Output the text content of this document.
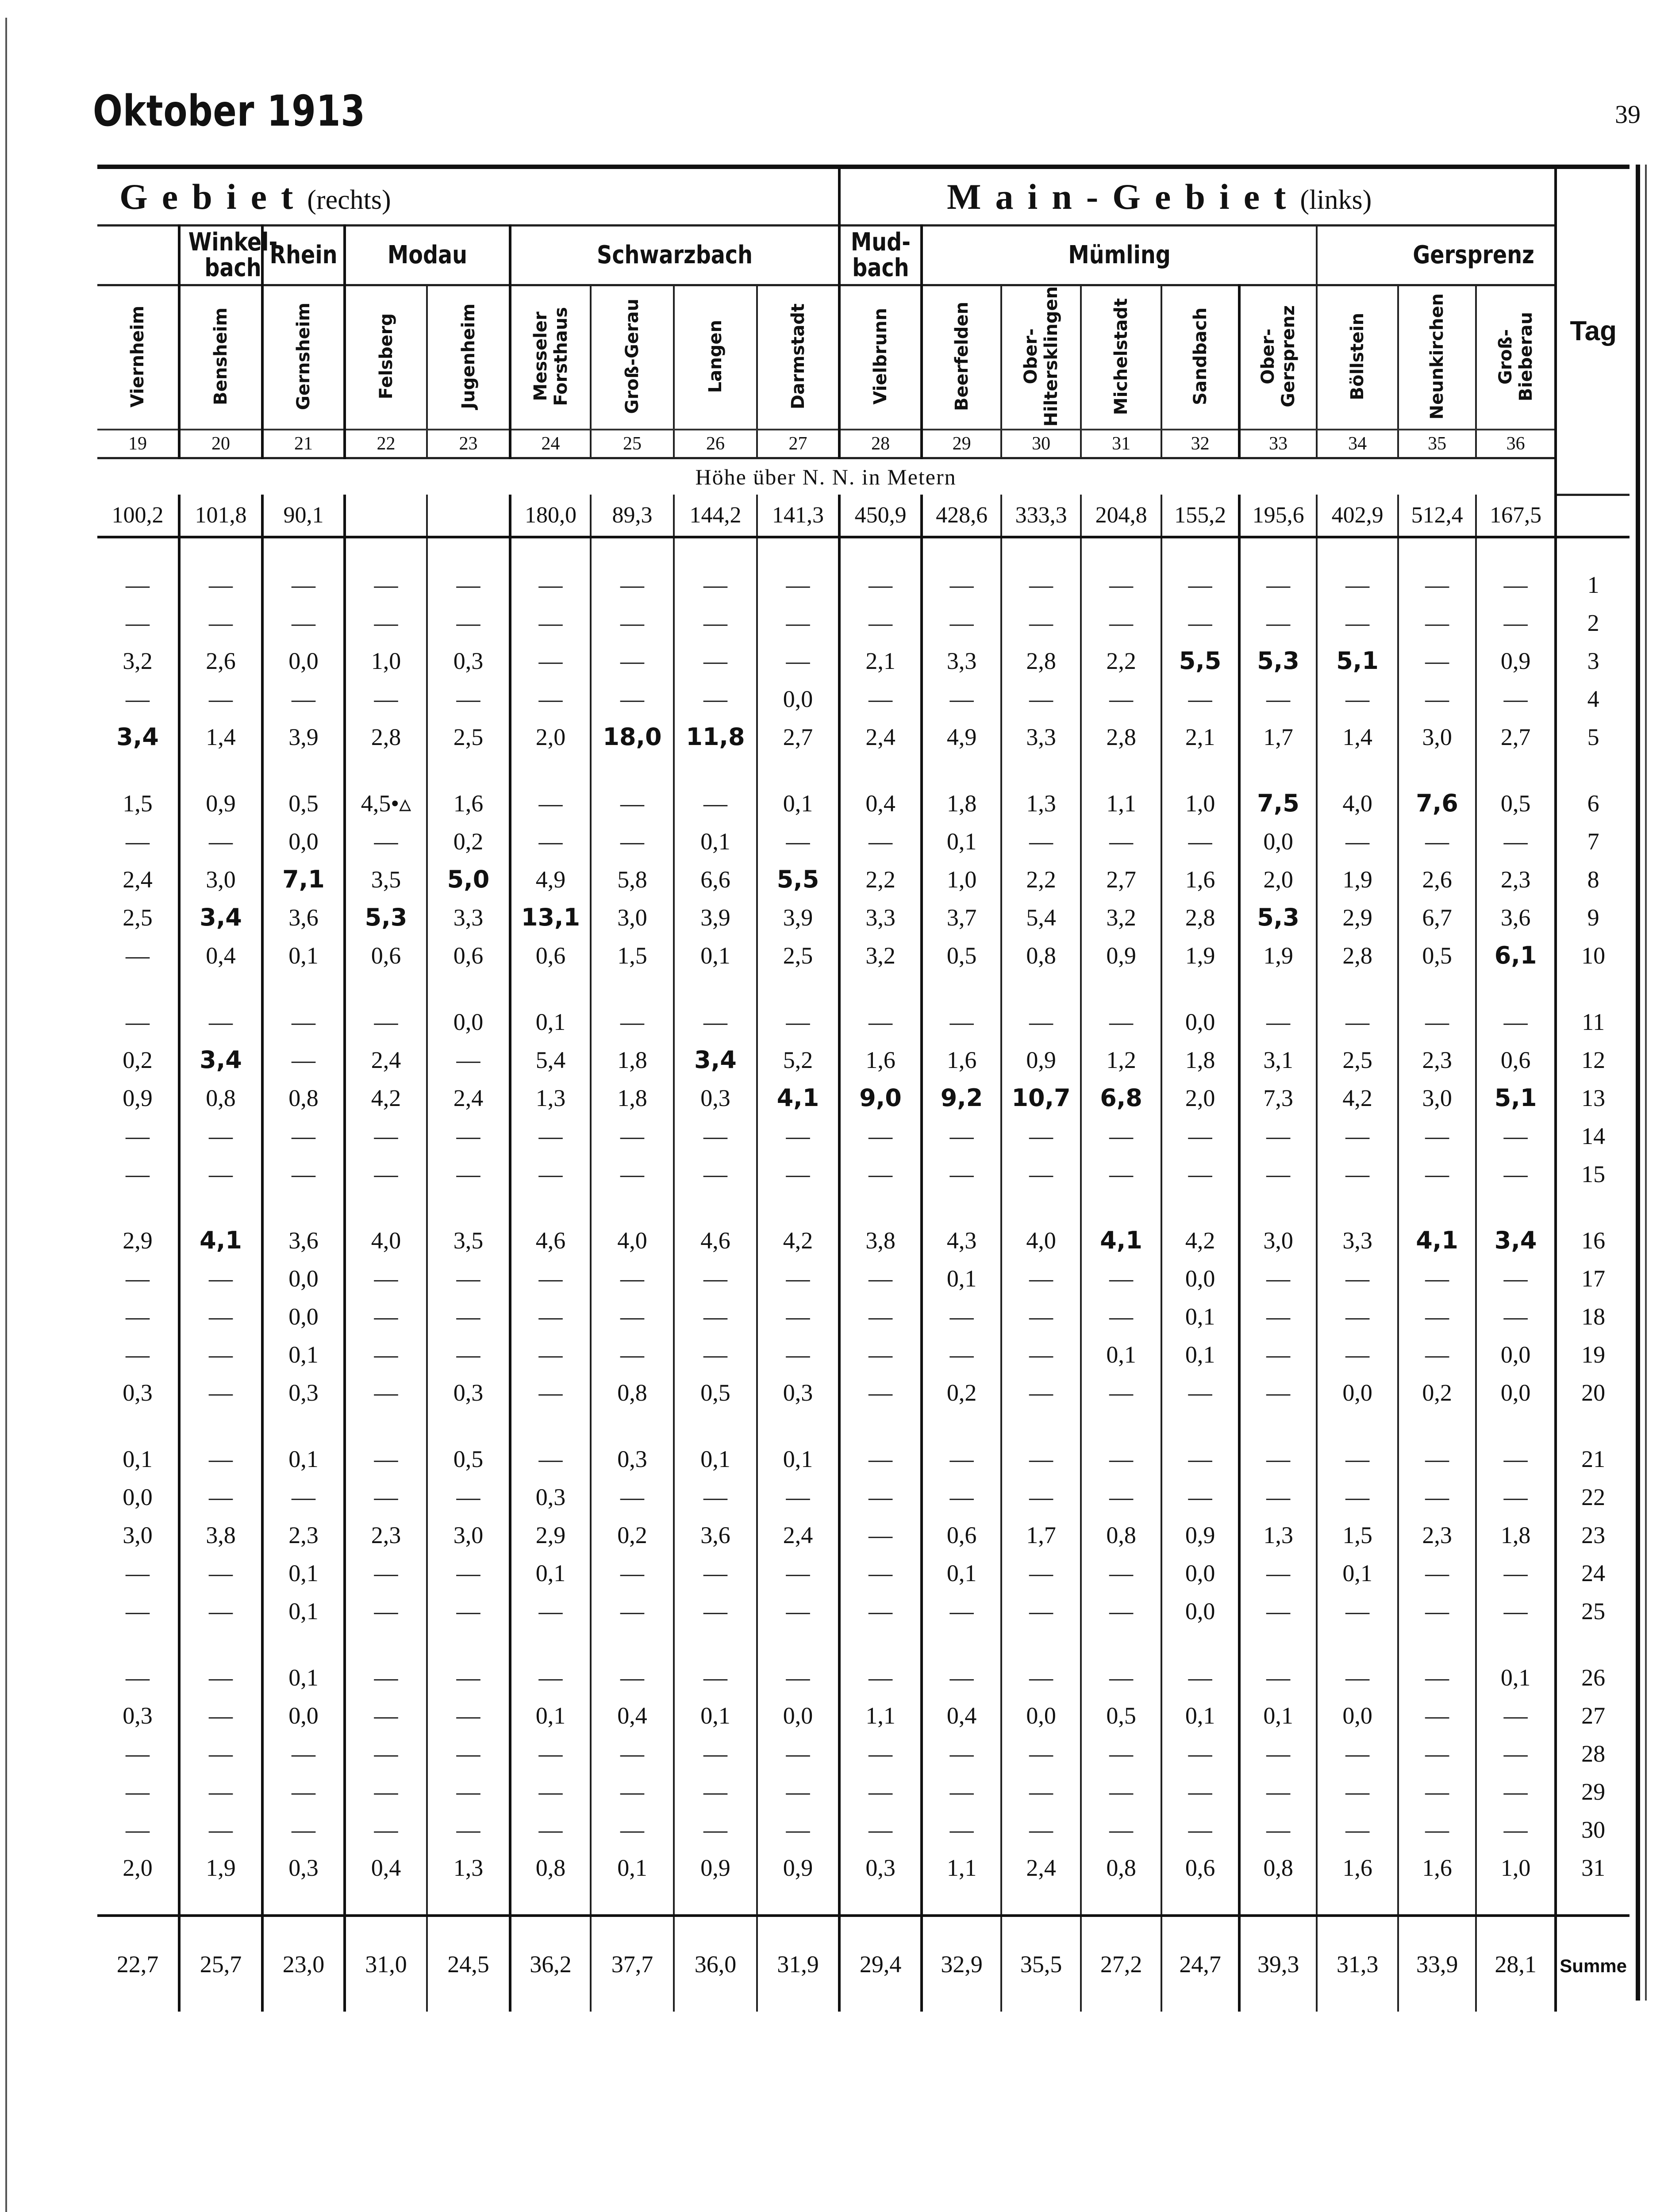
Oktober 1913	39
Gebiet(rechts)									Main-Gebiet(links)									Tag
	Winkel-
bach	Rhein	Modau		Schwarzbach				Mud-
bach	Mümling					Gersprenz			
Viernheim	Bensheim	Gernsheim	Felsberg	Jugenheim	Messeler
Forsthaus	Groß-Gerau	Langen	Darmstadt	Vielbrunn	Beerfelden	Ober-
Hiltersklingen	Michelstadt	Sandbach	Ober-
Gersprenz	Böllstein	Neunkirchen	Groß-
Bieberau	
19	20	21	22	23	24	25	26	27	28	29	30	31	32	33	34	35	36	
Höhe über N. N. in Metern																		
100,2	101,8	90,1			180,0	89,3	144,2	141,3	450,9	428,6	333,3	204,8	155,2	195,6	402,9	512,4	167,5	

—	—	—	—	—	—	—	—	—	—	—	—	—	—	—	—	—	—	1
—	—	—	—	—	—	—	—	—	—	—	—	—	—	—	—	—	—	2
3,2	2,6	0,0	1,0	0,3	—	—	—	—	2,1	3,3	2,8	2,2	5,5	5,3	5,1	—	0,9	3
—	—	—	—	—	—	—	—	0,0	—	—	—	—	—	—	—	—	—	4
3,4	1,4	3,9	2,8	2,5	2,0	18,0	11,8	2,7	2,4	4,9	3,3	2,8	2,1	1,7	1,4	3,0	2,7	5

1,5	0,9	0,5	4,5•▵	1,6	—	—	—	0,1	0,4	1,8	1,3	1,1	1,0	7,5	4,0	7,6	0,5	6
—	—	0,0	—	0,2	—	—	0,1	—	—	0,1	—	—	—	0,0	—	—	—	7
2,4	3,0	7,1	3,5	5,0	4,9	5,8	6,6	5,5	2,2	1,0	2,2	2,7	1,6	2,0	1,9	2,6	2,3	8
2,5	3,4	3,6	5,3	3,3	13,1	3,0	3,9	3,9	3,3	3,7	5,4	3,2	2,8	5,3	2,9	6,7	3,6	9
—	0,4	0,1	0,6	0,6	0,6	1,5	0,1	2,5	3,2	0,5	0,8	0,9	1,9	1,9	2,8	0,5	6,1	10

—	—	—	—	0,0	0,1	—	—	—	—	—	—	—	0,0	—	—	—	—	11
0,2	3,4	—	2,4	—	5,4	1,8	3,4	5,2	1,6	1,6	0,9	1,2	1,8	3,1	2,5	2,3	0,6	12
0,9	0,8	0,8	4,2	2,4	1,3	1,8	0,3	4,1	9,0	9,2	10,7	6,8	2,0	7,3	4,2	3,0	5,1	13
—	—	—	—	—	—	—	—	—	—	—	—	—	—	—	—	—	—	14
—	—	—	—	—	—	—	—	—	—	—	—	—	—	—	—	—	—	15

2,9	4,1	3,6	4,0	3,5	4,6	4,0	4,6	4,2	3,8	4,3	4,0	4,1	4,2	3,0	3,3	4,1	3,4	16
—	—	0,0	—	—	—	—	—	—	—	0,1	—	—	0,0	—	—	—	—	17
—	—	0,0	—	—	—	—	—	—	—	—	—	—	0,1	—	—	—	—	18
—	—	0,1	—	—	—	—	—	—	—	—	—	0,1	0,1	—	—	—	0,0	19
0,3	—	0,3	—	0,3	—	0,8	0,5	0,3	—	0,2	—	—	—	—	0,0	0,2	0,0	20

0,1	—	0,1	—	0,5	—	0,3	0,1	0,1	—	—	—	—	—	—	—	—	—	21
0,0	—	—	—	—	0,3	—	—	—	—	—	—	—	—	—	—	—	—	22
3,0	3,8	2,3	2,3	3,0	2,9	0,2	3,6	2,4	—	0,6	1,7	0,8	0,9	1,3	1,5	2,3	1,8	23
—	—	0,1	—	—	0,1	—	—	—	—	0,1	—	—	0,0	—	0,1	—	—	24
—	—	0,1	—	—	—	—	—	—	—	—	—	—	0,0	—	—	—	—	25

—	—	0,1	—	—	—	—	—	—	—	—	—	—	—	—	—	—	0,1	26
0,3	—	0,0	—	—	0,1	0,4	0,1	0,0	1,1	0,4	0,0	0,5	0,1	0,1	0,0	—	—	27
—	—	—	—	—	—	—	—	—	—	—	—	—	—	—	—	—	—	28
—	—	—	—	—	—	—	—	—	—	—	—	—	—	—	—	—	—	29
—	—	—	—	—	—	—	—	—	—	—	—	—	—	—	—	—	—	30
2,0	1,9	0,3	0,4	1,3	0,8	0,1	0,9	0,9	0,3	1,1	2,4	0,8	0,6	0,8	1,6	1,6	1,0	31

22,7	25,7	23,0	31,0	24,5	36,2	37,7	36,0	31,9	29,4	32,9	35,5	27,2	24,7	39,3	31,3	33,9	28,1	Summe
